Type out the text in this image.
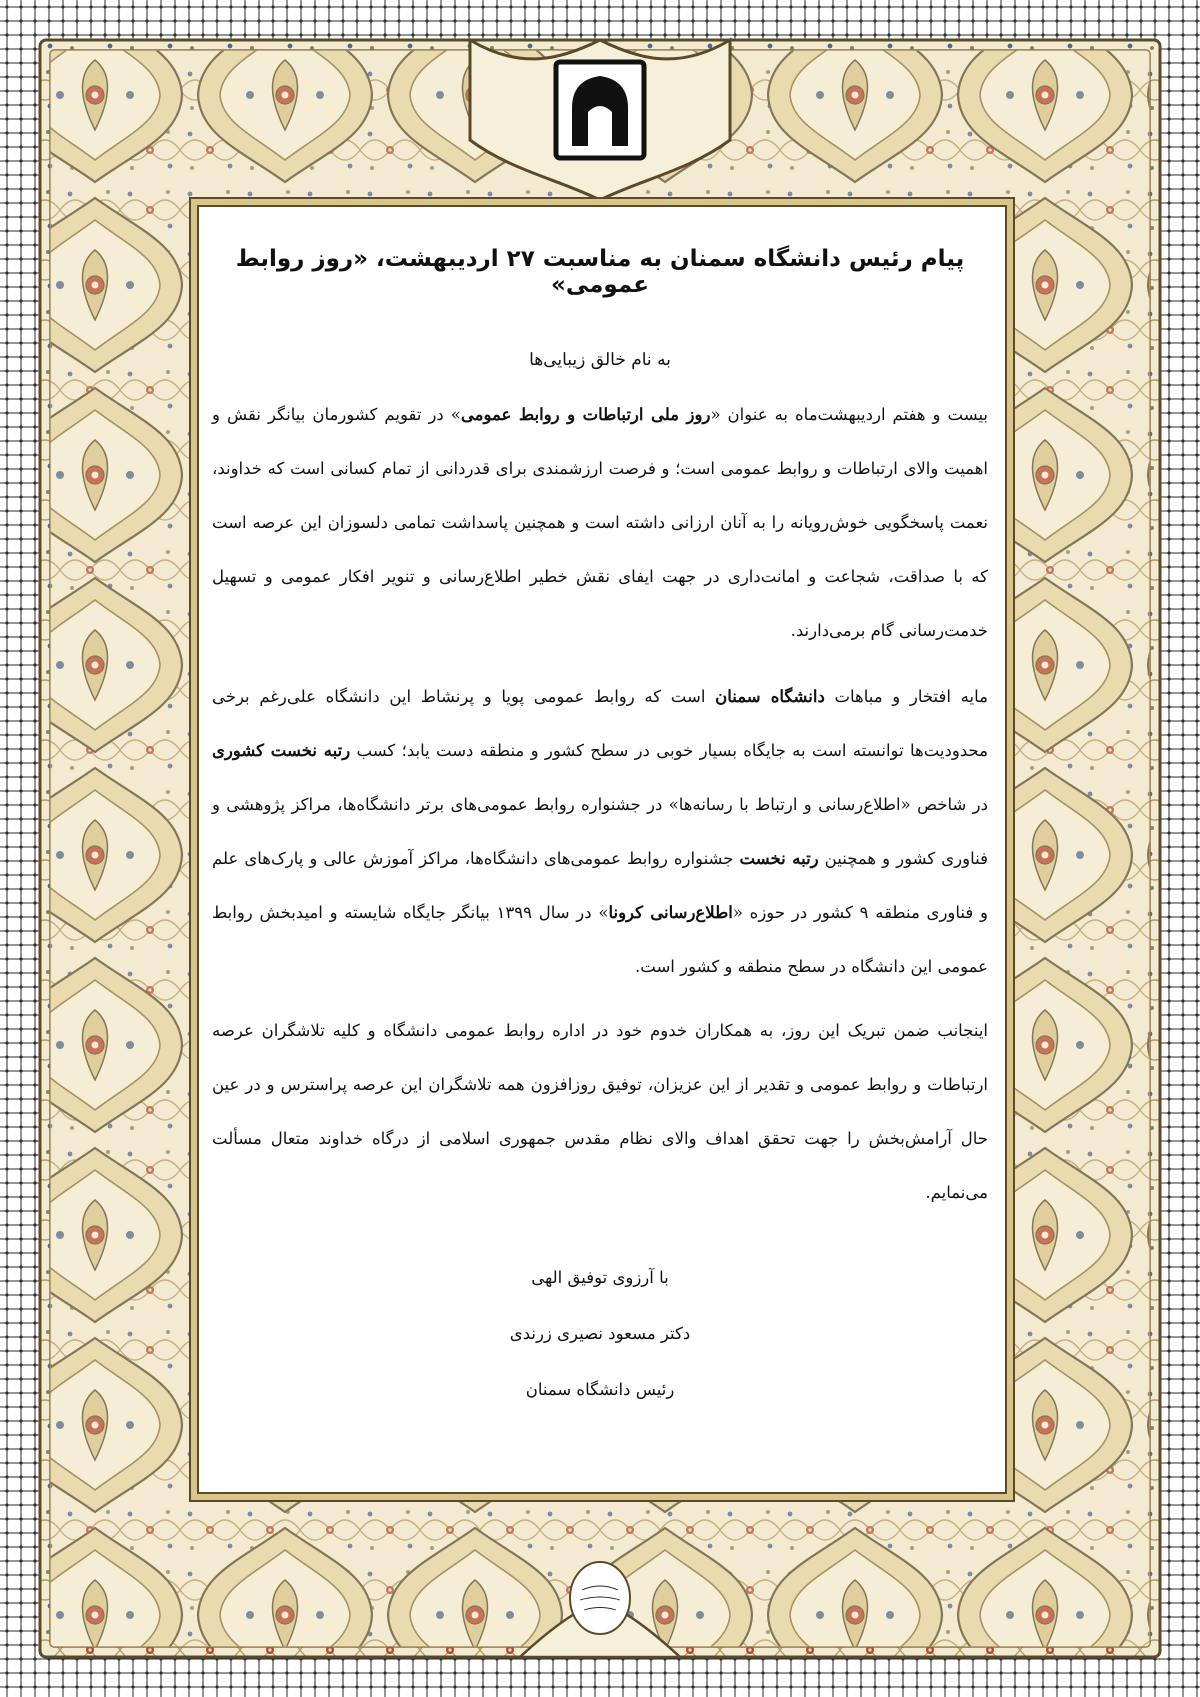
پیام رئیس دانشگاه سمنان به مناسبت ۲۷ اردیبهشت، «روز روابط عمومی»
به نام خالق زیبایی‌ها

بیست و هفتم اردیبهشت‌ماه به عنوان «روز ملی ارتباطات و روابط عمومی» در تقویم کشورمان بیانگر نقش و اهمیت والای ارتباطات و روابط عمومی است؛ و فرصت ارزشمندی برای قدردانی از تمام کسانی است که خداوند، نعمت پاسخگویی خوش‌رویانه را به آنان ارزانی داشته است و همچنین پاسداشت تمامی دلسوزان این عرصه است که با صداقت، شجاعت و امانت‌داری در جهت ایفای نقش خطیر اطلاع‌رسانی و تنویر افکار عمومی و تسهیل خدمت‌رسانی گام برمی‌دارند.

مایه افتخار و مباهات دانشگاه سمنان است که روابط عمومی پویا و پرنشاط این دانشگاه علی‌رغم برخی محدودیت‌ها توانسته است به جایگاه بسیار خوبی در سطح کشور و منطقه دست یابد؛ کسب رتبه نخست کشوری در شاخص «اطلاع‌رسانی و ارتباط با رسانه‌ها» در جشنواره روابط عمومی‌های برتر دانشگاه‌ها، مراکز پژوهشی و فناوری کشور و همچنین رتبه نخست جشنواره روابط عمومی‌های دانشگاه‌ها، مراکز آموزش عالی و پارک‌های علم و فناوری منطقه ۹ کشور در حوزه «اطلاع‌رسانی کرونا» در سال ۱۳۹۹ بیانگر جایگاه شایسته و امیدبخش روابط عمومی این دانشگاه در سطح منطقه و کشور است.

اینجانب ضمن تبریک این روز، به همکاران خدوم خود در اداره روابط عمومی دانشگاه و کلیه تلاشگران عرصه ارتباطات و روابط عمومی و تقدیر از این عزیزان، توفیق روزافزون همه تلاشگران این عرصه پراسترس و در عین حال آرامش‌بخش را جهت تحقق اهداف والای نظام مقدس جمهوری اسلامی از درگاه خداوند متعال مسألت می‌نمایم.

با آرزوی توفیق الهی
دکتر مسعود نصیری زرندی
رئیس دانشگاه سمنان
